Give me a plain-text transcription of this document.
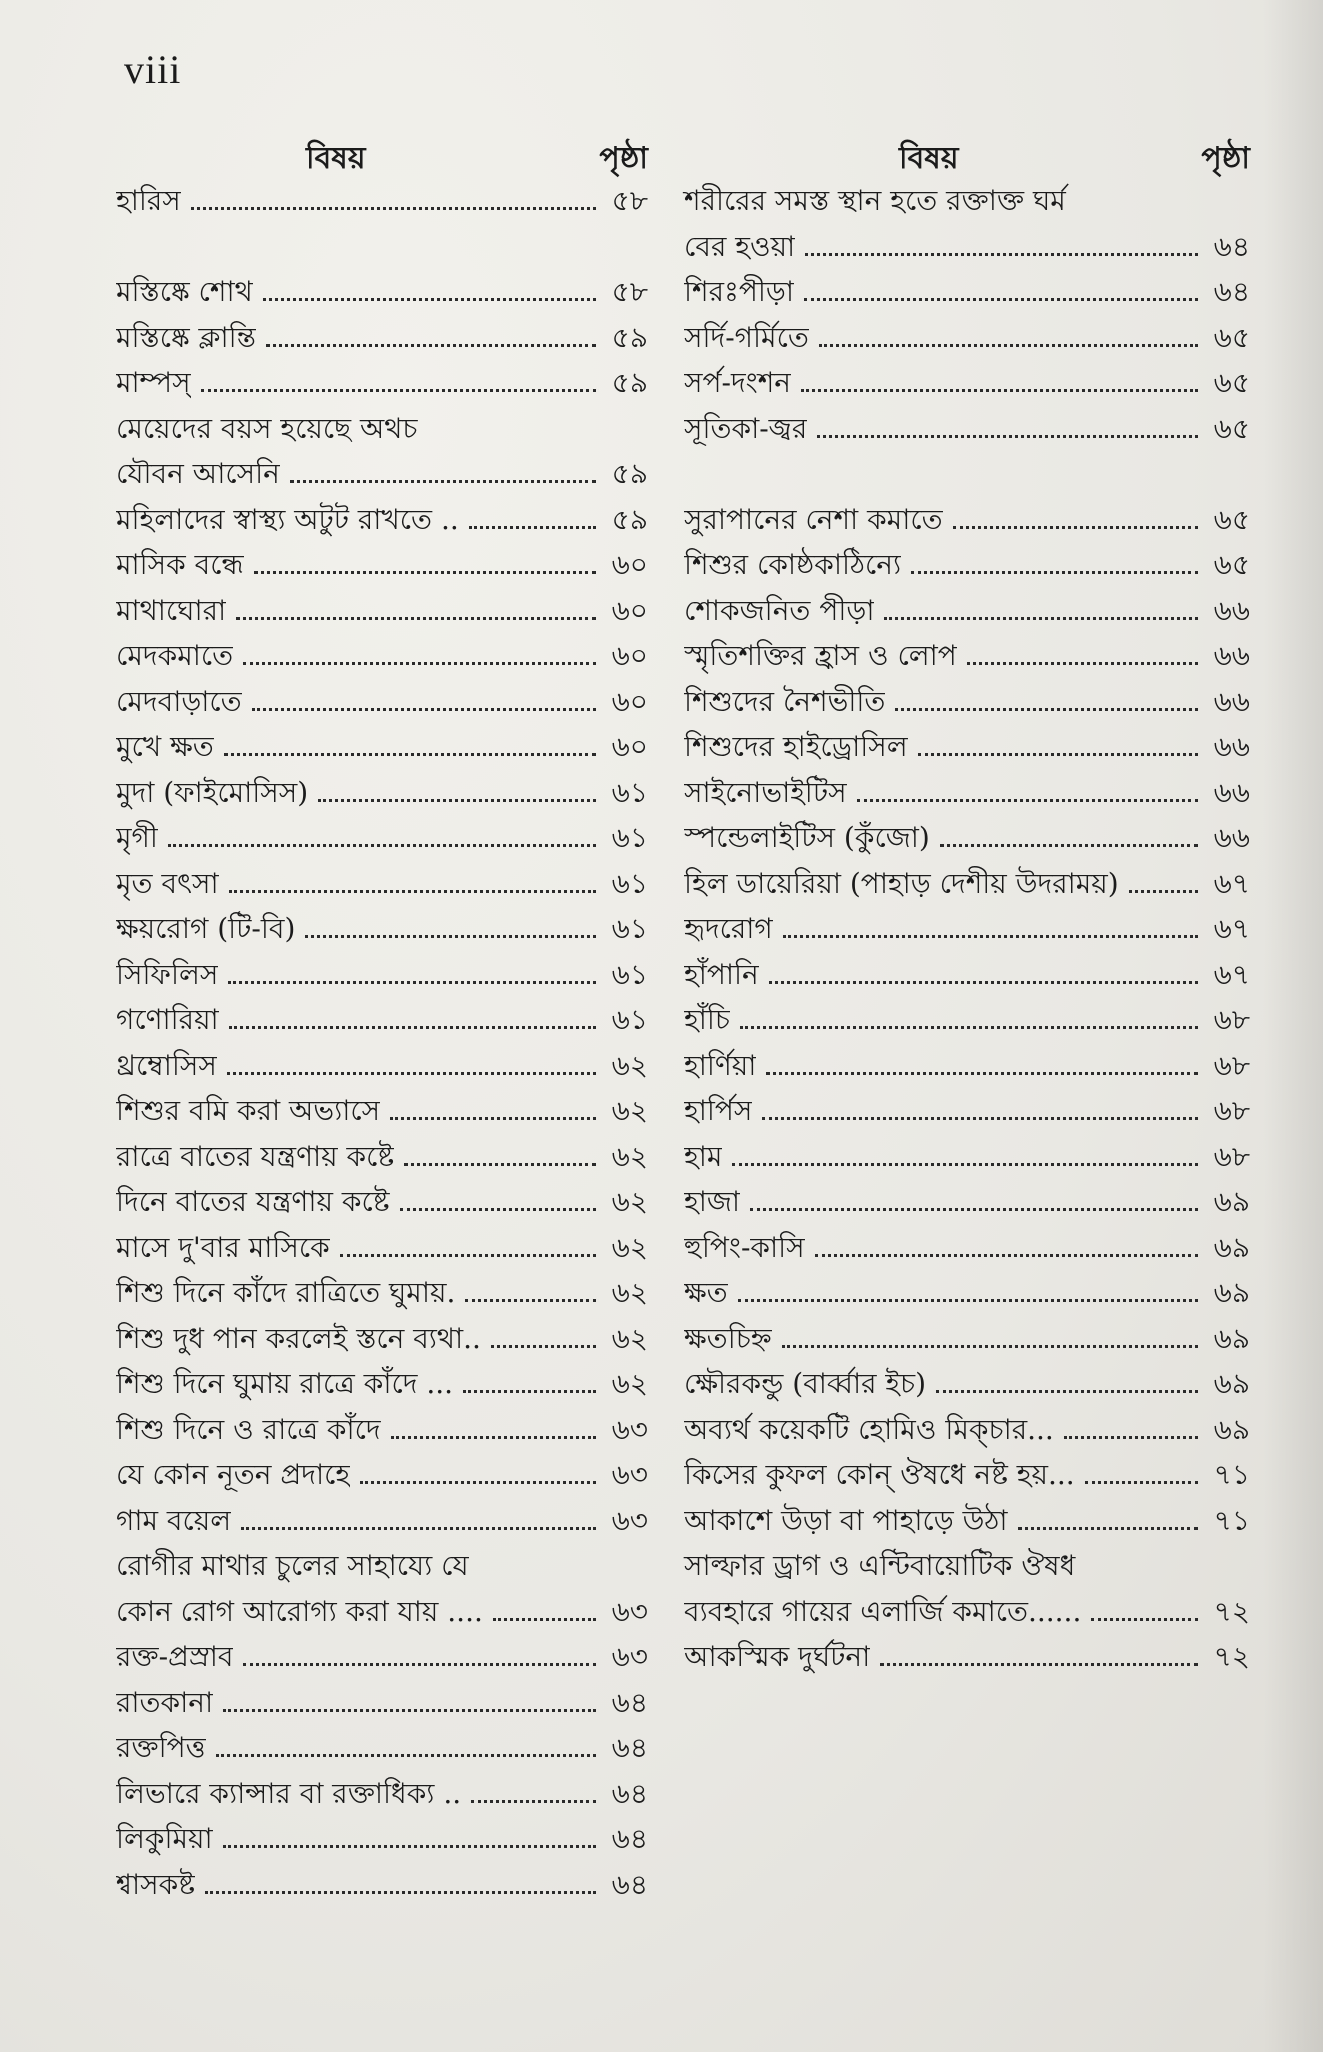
viii
বিষয়	পৃষ্ঠা
হারিস	৫৮
মস্তিষ্কে শোথ	৫৮
মস্তিষ্কে ক্লান্তি	৫৯
মাম্পস্	৫৯
মেয়েদের বয়স হয়েছে অথচ
যৌবন আসেনি	৫৯
মহিলাদের স্বাস্থ্য অটুট রাখতে ..	৫৯
মাসিক বন্ধে	৬০
মাথাঘোরা	৬০
মেদকমাতে	৬০
মেদবাড়াতে	৬০
মুখে ক্ষত	৬০
মুদা (ফাইমোসিস)	৬১
মৃগী	৬১
মৃত বৎসা	৬১
ক্ষয়রোগ (টি-বি)	৬১
সিফিলিস	৬১
গণোরিয়া	৬১
থ্রম্বোসিস	৬২
শিশুর বমি করা অভ্যাসে	৬২
রাত্রে বাতের যন্ত্রণায় কষ্টে	৬২
দিনে বাতের যন্ত্রণায় কষ্টে	৬২
মাসে দু'বার মাসিকে	৬২
শিশু দিনে কাঁদে রাত্রিতে ঘুমায়.	৬২
শিশু দুধ পান করলেই স্তনে ব্যথা..	৬২
শিশু দিনে ঘুমায় রাত্রে কাঁদে ...	৬২
শিশু দিনে ও রাত্রে কাঁদে	৬৩
যে কোন নূতন প্রদাহে	৬৩
গাম বয়েল	৬৩
রোগীর মাথার চুলের সাহায্যে যে
কোন রোগ আরোগ্য করা যায় ....	৬৩
রক্ত-প্রস্রাব	৬৩
রাতকানা	৬৪
রক্তপিত্ত	৬৪
লিভারে ক্যান্সার বা রক্তাধিক্য ..	৬৪
লিকুমিয়া	৬৪
শ্বাসকষ্ট	৬৪
বিষয়	পৃষ্ঠা
শরীরের সমস্ত স্থান হতে রক্তাক্ত ঘর্ম
বের হওয়া	৬৪
শিরঃপীড়া	৬৪
সর্দি-গর্মিতে	৬৫
সর্প-দংশন	৬৫
সূতিকা-জ্বর	৬৫
সুরাপানের নেশা কমাতে	৬৫
শিশুর কোষ্ঠকাঠিন্যে	৬৫
শোকজনিত পীড়া	৬৬
স্মৃতিশক্তির হ্রাস ও লোপ	৬৬
শিশুদের নৈশভীতি	৬৬
শিশুদের হাইড্রোসিল	৬৬
সাইনোভাইটিস	৬৬
স্পন্ডেলাইটিস (কুঁজো)	৬৬
হিল ডায়েরিয়া (পাহাড় দেশীয় উদরাময়)	৬৭
হৃদরোগ	৬৭
হাঁপানি	৬৭
হাঁচি	৬৮
হার্ণিয়া	৬৮
হার্পিস	৬৮
হাম	৬৮
হাজা	৬৯
হুপিং-কাসি	৬৯
ক্ষত	৬৯
ক্ষতচিহ্ন	৬৯
ক্ষৌরকন্ডু (বার্ব্বার ইচ)	৬৯
অব্যর্থ কয়েকটি হোমিও মিক্চার...	৬৯
কিসের কুফল কোন্ ঔষধে নষ্ট হয়...	৭১
আকাশে উড়া বা পাহাড়ে উঠা	৭১
সাল্ফার ড্রাগ ও এন্টিবায়োটিক ঔষধ
ব্যবহারে গায়ের এলার্জি কমাতে......	৭২
আকস্মিক দুর্ঘটনা	৭২
